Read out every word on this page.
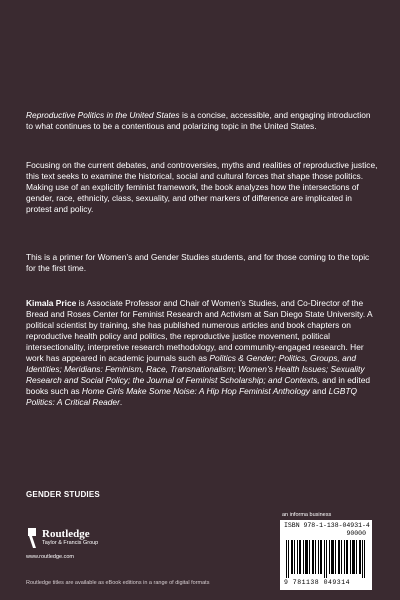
Reproductive Politics in the United States is a concise, accessible, and engaging introduction to what continues to be a contentious and polarizing topic in the United States.

Focusing on the current debates, and controversies, myths and realities of reproductive justice, this text seeks to examine the historical, social and cultural forces that shape those politics. Making use of an explicitly feminist framework, the book analyzes how the intersections of gender, race, ethnicity, class, sexuality, and other markers of difference are implicated in protest and policy.

This is a primer for Women’s and Gender Studies students, and for those coming to the topic for the first time.

Kimala Price is Associate Professor and Chair of Women’s Studies, and Co-Director of the Bread and Roses Center for Feminist Research and Activism at San Diego State University. A political scientist by training, she has published numerous articles and book chapters on reproductive health policy and politics, the reproductive justice movement, political intersectionality, interpretive research methodology, and community-engaged research. Her work has appeared in academic journals such as Politics & Gender; Politics, Groups, and Identities; Meridians: Feminism, Race, Transnationalism; Women’s Health Issues; Sexuality Research and Social Policy; the Journal of Feminist Scholarship; and Contexts, and in edited books such as Home Girls Make Some Noise: A Hip Hop Feminist Anthology and LGBTQ Politics: A Critical Reader.

GENDER STUDIES
Routledge
Taylor & Francis Group
www.routledge.com
Routledge titles are available as eBook editions in a range of digital formats
an informa business
ISBN 978-1-138-04931-4
90000
9 781138 049314
